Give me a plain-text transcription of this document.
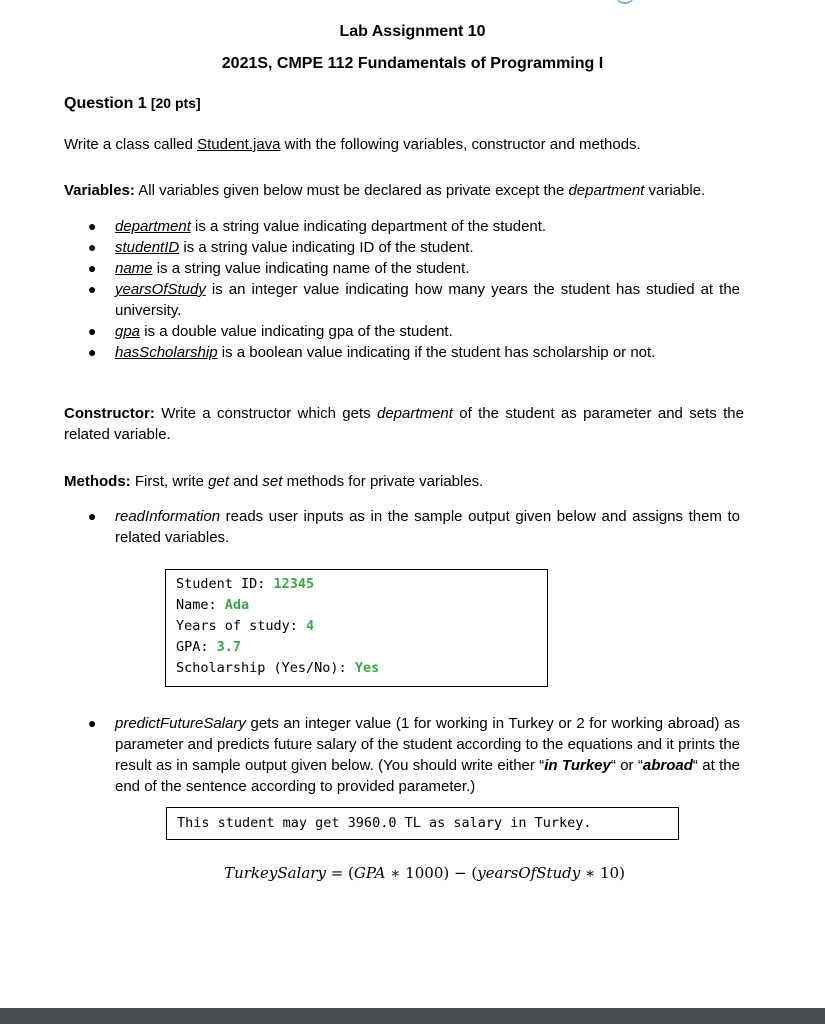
Lab Assignment 10
2021S, CMPE 112 Fundamentals of Programming I
Question 1 [20 pts]
Write a class called Student.java with the following variables, constructor and methods.
Variables: All variables given below must be declared as private except the department variable.
● department is a string value indicating department of the student.
● studentID is a string value indicating ID of the student.
● name is a string value indicating name of the student.
● yearsOfStudy is an integer value indicating how many years the student has studied at the university.
● gpa is a double value indicating gpa of the student.
● hasScholarship is a boolean value indicating if the student has scholarship or not.
Constructor: Write a constructor which gets department of the student as parameter and sets the related variable.
Methods: First, write get and set methods for private variables.
● readInformation reads user inputs as in the sample output given below and assigns them to related variables.
Student ID: 12345
Name: Ada
Years of study: 4
GPA: 3.7
Scholarship (Yes/No): Yes
● predictFutureSalary gets an integer value (1 for working in Turkey or 2 for working abroad) as parameter and predicts future salary of the student according to the equations and it prints the result as in sample output given below. (You should write either “in Turkey“ or “abroad“ at the end of the sentence according to provided parameter.)
This student may get 3960.0 TL as salary in Turkey.
TurkeySalary = (GPA ∗ 1000) − (yearsOfStudy ∗ 10)
